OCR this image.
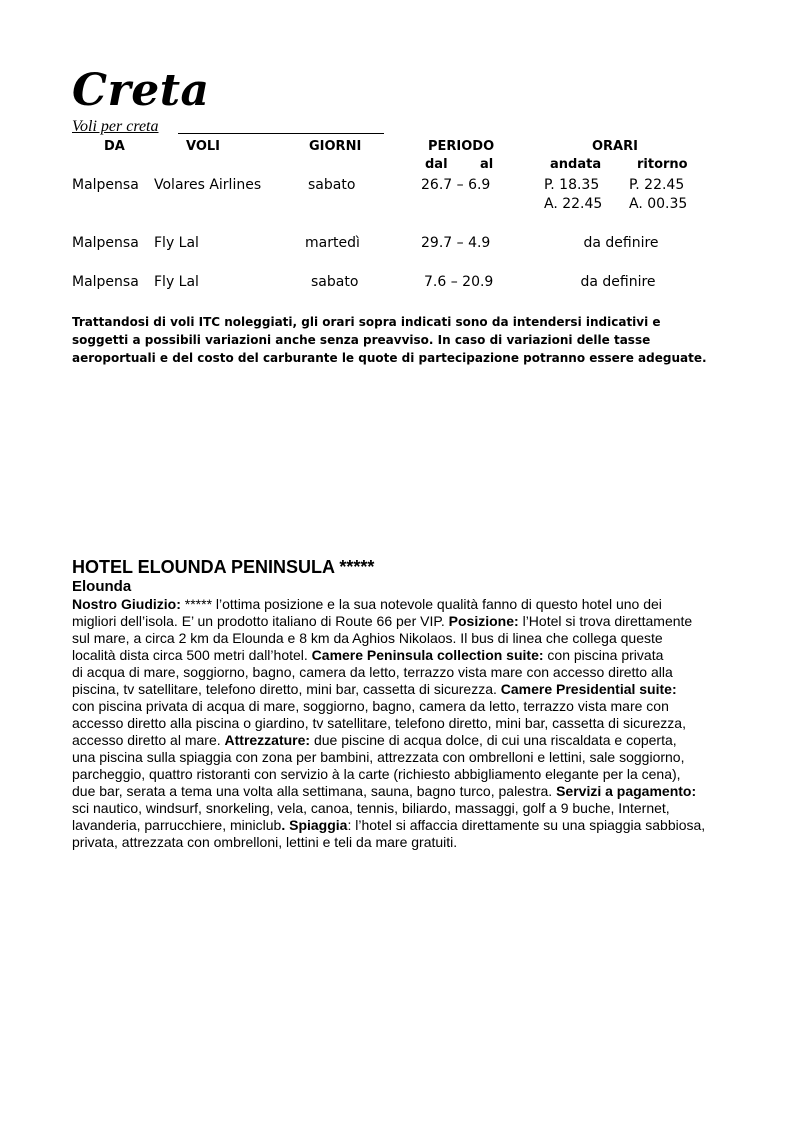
Creta
Voli per creta
DA	VOLI	GIORNI	PERIODO	ORARI
dal al	andata	ritorno
Malpensa Volares Airlines	sabato	26.7 – 6.9	P. 18.35 P. 22.45
A. 22.45 A. 00.35
Malpensa Fly Lal	martedì	29.7 – 4.9	da definire
Malpensa Fly Lal	sabato	7.6 – 20.9	da definire
Trattandosi di voli ITC noleggiati, gli orari sopra indicati sono da intendersi indicativi e
soggetti a possibili variazioni anche senza preavviso. In caso di variazioni delle tasse
aeroportuali e del costo del carburante le quote di partecipazione potranno essere adeguate.
HOTEL ELOUNDA PENINSULA *****
Elounda
Nostro Giudizio: ***** l’ottima posizione e la sua notevole qualità fanno di questo hotel uno dei
migliori dell’isola. E’ un prodotto italiano di Route 66 per VIP. Posizione: l’Hotel si trova direttamente
sul mare, a circa 2 km da Elounda e 8 km da Aghios Nikolaos. Il bus di linea che collega queste
località dista circa 500 metri dall’hotel. Camere Peninsula collection suite: con piscina privata
di acqua di mare, soggiorno, bagno, camera da letto, terrazzo vista mare con accesso diretto alla
piscina, tv satellitare, telefono diretto, mini bar, cassetta di sicurezza. Camere Presidential suite:
con piscina privata di acqua di mare, soggiorno, bagno, camera da letto, terrazzo vista mare con
accesso diretto alla piscina o giardino, tv satellitare, telefono diretto, mini bar, cassetta di sicurezza,
accesso diretto al mare. Attrezzature: due piscine di acqua dolce, di cui una riscaldata e coperta,
una piscina sulla spiaggia con zona per bambini, attrezzata con ombrelloni e lettini, sale soggiorno,
parcheggio, quattro ristoranti con servizio à la carte (richiesto abbigliamento elegante per la cena),
due bar, serata a tema una volta alla settimana, sauna, bagno turco, palestra. Servizi a pagamento:
sci nautico, windsurf, snorkeling, vela, canoa, tennis, biliardo, massaggi, golf a 9 buche, Internet,
lavanderia, parrucchiere, miniclub. Spiaggia: l’hotel si affaccia direttamente su una spiaggia sabbiosa,
privata, attrezzata con ombrelloni, lettini e teli da mare gratuiti.
